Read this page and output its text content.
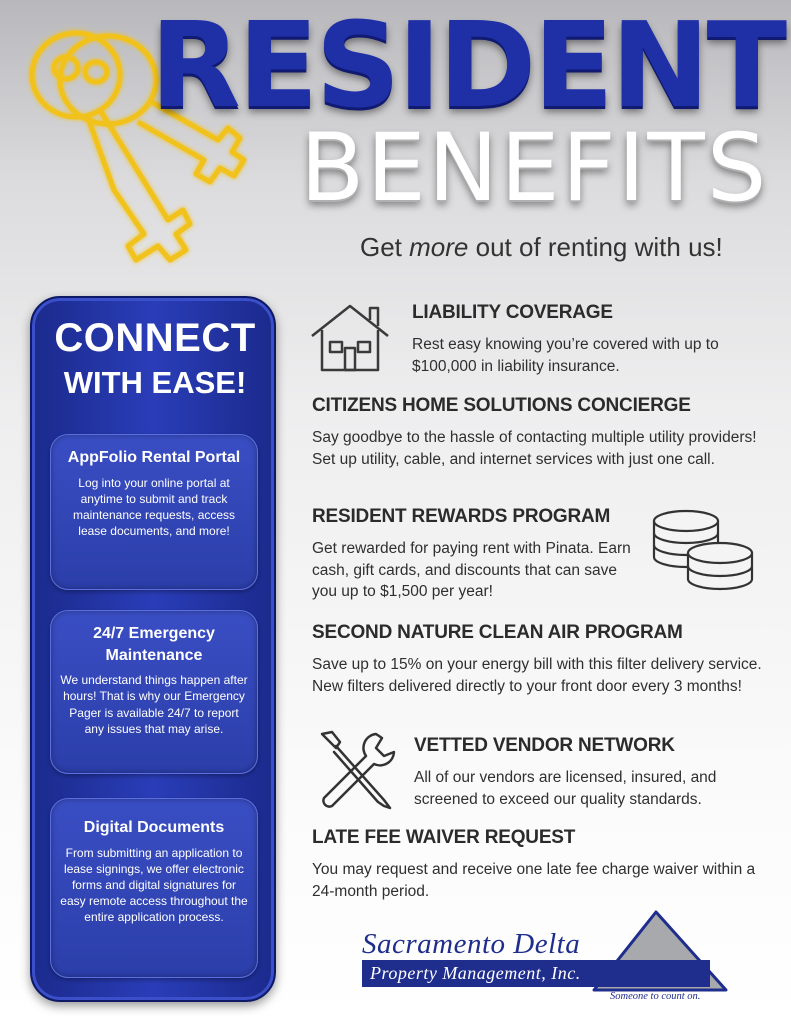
RESIDENT
BENEFITS
Get more out of renting with us!
CONNECT
WITH EASE!
AppFolio Rental Portal

Log into your online portal at anytime to submit and track maintenance requests, access lease documents, and more!

24/7 Emergency Maintenance

We understand things happen after hours! That is why our Emergency Pager is available 24/7 to report any issues that may arise.

Digital Documents

From submitting an application to lease signings, we offer electronic forms and digital signatures for easy remote access throughout the entire application process.

LIABILITY COVERAGE
Rest easy knowing you’re covered with up to $100,000 in liability insurance.
CITIZENS HOME SOLUTIONS CONCIERGE
Say goodbye to the hassle of contacting multiple utility providers! Set up utility, cable, and internet services with just one call.
RESIDENT REWARDS PROGRAM
Get rewarded for paying rent with Pinata. Earn cash, gift cards, and discounts that can save you up to $1,500 per year!
SECOND NATURE CLEAN AIR PROGRAM
Save up to 15% on your energy bill with this filter delivery service. New filters delivered directly to your front door every 3 months!
VETTED VENDOR NETWORK
All of our vendors are licensed, insured, and screened to exceed our quality standards.
LATE FEE WAIVER REQUEST
You may request and receive one late fee charge waiver within a 24-month period.
Sacramento Delta
Property Management, Inc.
Someone to count on.
